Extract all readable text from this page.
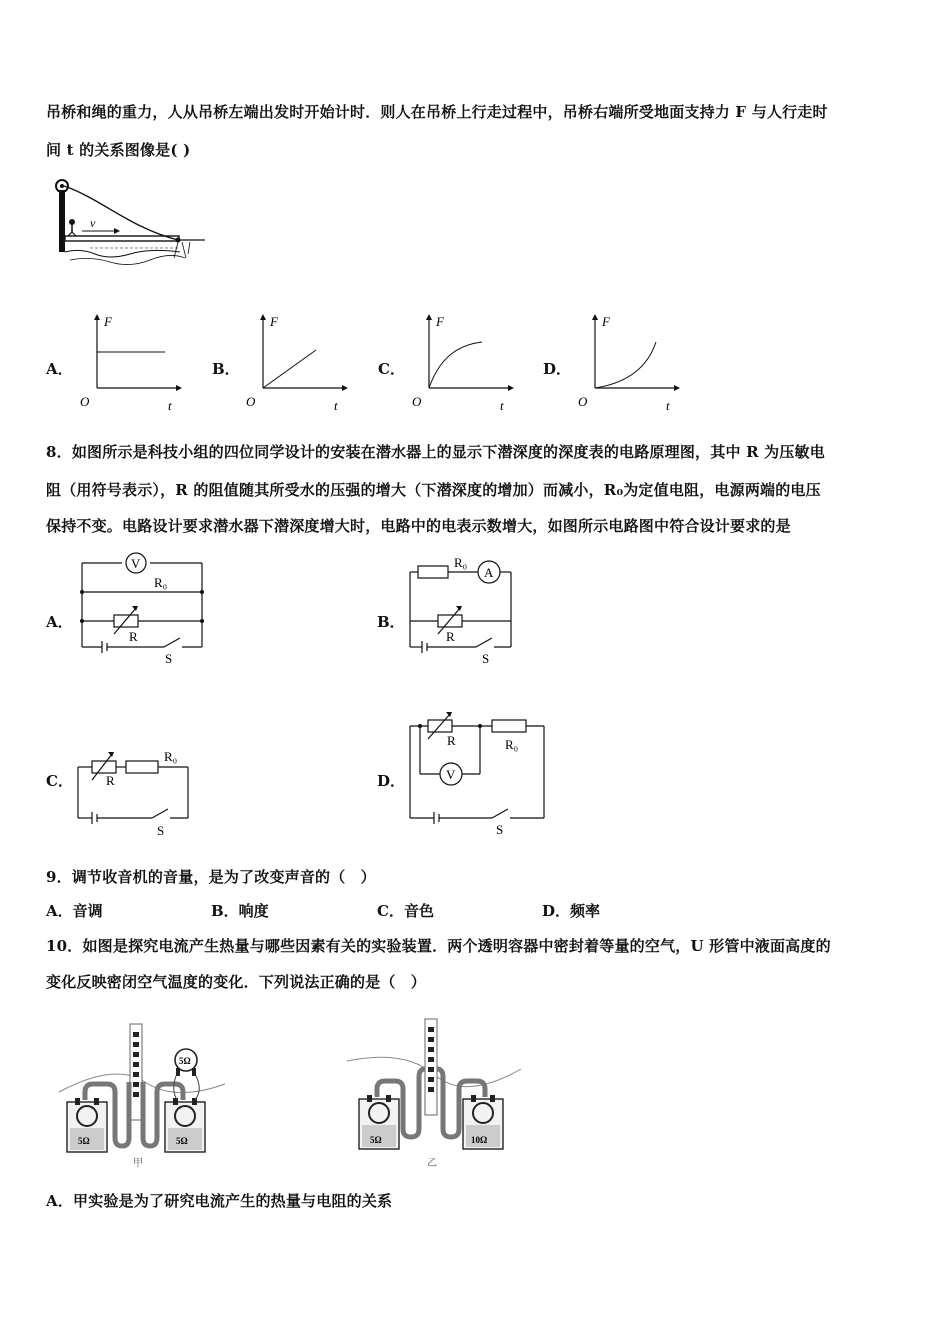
吊桥和绳的重力，人从吊桥左端出发时开始计时．则人在吊桥上行走过程中，吊桥右端所受地面支持力 F 与人行走时
间 t 的关系图像是( )
v
A．	B．	C．	D．
F
t
O
F
t
O
F
t
O
F
t
O
8．如图所示是科技小组的四位同学设计的安装在潜水器上的显示下潜深度的深度表的电路原理图，其中 R 为压敏电
阻（用符号表示），R 的阻值随其所受水的压强的增大（下潜深度的增加）而减小，R₀为定值电阻，电源两端的电压
保持不变。电路设计要求潜水器下潜深度增大时，电路中的电表示数增大，如图所示电路图中符合设计要求的是
A．	B．
C．	D．
V
R₀
R
S
A
R₀
R
S
R
R₀
S
R	R₀
V
S
9．调节收音机的音量，是为了改变声音的（　）
A．音调	B．响度	C．音色	D．频率
10．如图是探究电流产生热量与哪些因素有关的实验装置．两个透明容器中密封着等量的空气，U 形管中液面高度的
变化反映密闭空气温度的变化．下列说法正确的是（　）
5Ω	5Ω
5Ω
甲
5Ω	10Ω
乙
A．甲实验是为了研究电流产生的热量与电阻的关系
